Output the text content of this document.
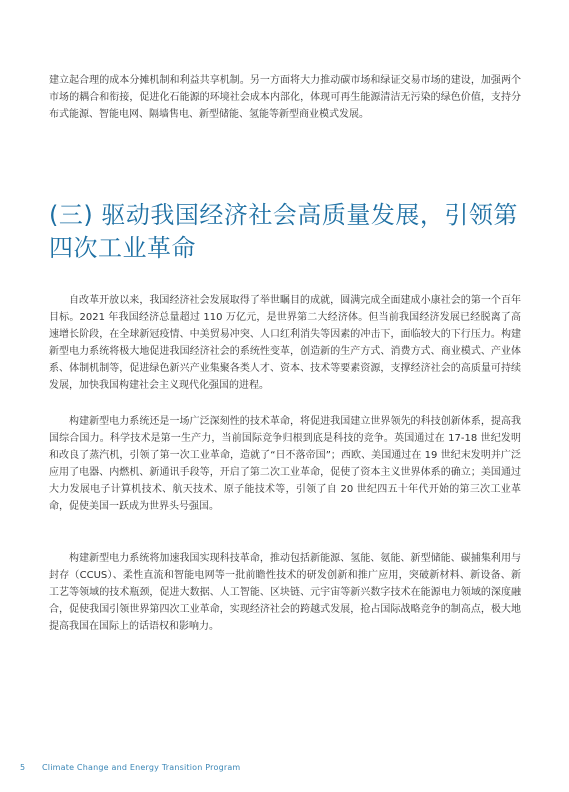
建立起合理的成本分摊机制和利益共享机制。另一方面将大力推动碳市场和绿证交易市场的建设，加强两个市场的耦合和衔接，促进化石能源的环境社会成本内部化，体现可再生能源清洁无污染的绿色价值，支持分布式能源、智能电网、隔墙售电、新型储能、氢能等新型商业模式发展。

(三) 驱动我国经济社会高质量发展，引领第四次工业革命

自改革开放以来，我国经济社会发展取得了举世瞩目的成就，圆满完成全面建成小康社会的第一个百年目标。2021 年我国经济总量超过 110 万亿元，是世界第二大经济体。但当前我国经济发展已经脱离了高速增长阶段，在全球新冠疫情、中美贸易冲突、人口红利消失等因素的冲击下，面临较大的下行压力。构建新型电力系统将极大地促进我国经济社会的系统性变革，创造新的生产方式、消费方式、商业模式、产业体系、体制机制等，促进绿色新兴产业集聚各类人才、资本、技术等要素资源，支撑经济社会的高质量可持续发展，加快我国构建社会主义现代化强国的进程。

构建新型电力系统还是一场广泛深刻性的技术革命，将促进我国建立世界领先的科技创新体系，提高我国综合国力。科学技术是第一生产力，当前国际竞争归根到底是科技的竞争。英国通过在 17-18 世纪发明和改良了蒸汽机，引领了第一次工业革命，造就了“日不落帝国”；西欧、美国通过在 19 世纪末发明并广泛应用了电器、内燃机、新通讯手段等，开启了第二次工业革命，促使了资本主义世界体系的确立；美国通过大力发展电子计算机技术、航天技术、原子能技术等，引领了自 20 世纪四五十年代开始的第三次工业革命，促使美国一跃成为世界头号强国。

构建新型电力系统将加速我国实现科技革命，推动包括新能源、氢能、氨能、新型储能、碳捕集利用与封存（CCUS）、柔性直流和智能电网等一批前瞻性技术的研发创新和推广应用，突破新材料、新设备、新工艺等领域的技术瓶颈，促进大数据、人工智能、区块链、元宇宙等新兴数字技术在能源电力领域的深度融合，促使我国引领世界第四次工业革命，实现经济社会的跨越式发展，抢占国际战略竞争的制高点，极大地提高我国在国际上的话语权和影响力。

5 Climate Change and Energy Transition Program
